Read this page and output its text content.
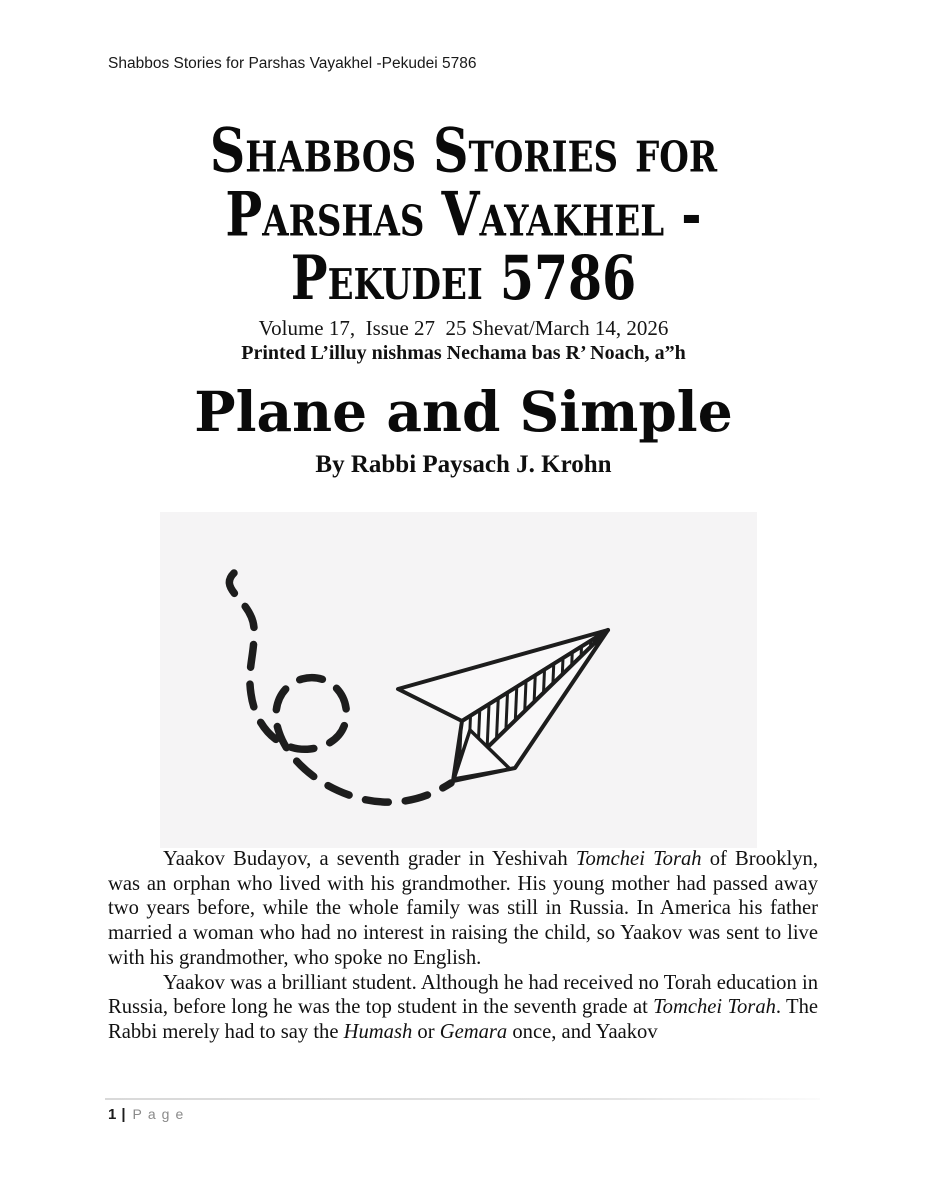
Shabbos Stories for Parshas Vayakhel -Pekudei 5786
Shabbos Stories for
Parshas Vayakhel -
Pekudei 5786
Volume 17,  Issue 27  25 Shevat/March 14, 2026
Printed L’illuy nishmas Nechama bas R’ Noach, a”h
Plane and Simple
By Rabbi Paysach J. Krohn

Yaakov Budayov, a seventh grader in Yeshivah Tomchei Torah of Brooklyn, was an orphan who lived with his grandmother. His young mother had passed away two years before, while the whole family was still in Russia. In America his father married a woman who had no interest in raising the child, so Yaakov was sent to live with his grandmother, who spoke no English.

Yaakov was a brilliant student. Although he had received no Torah education in Russia, before long he was the top student in the seventh grade at Tomchei Torah. The Rabbi merely had to say the Humash or Gemara once, and Yaakov

1 | Page
